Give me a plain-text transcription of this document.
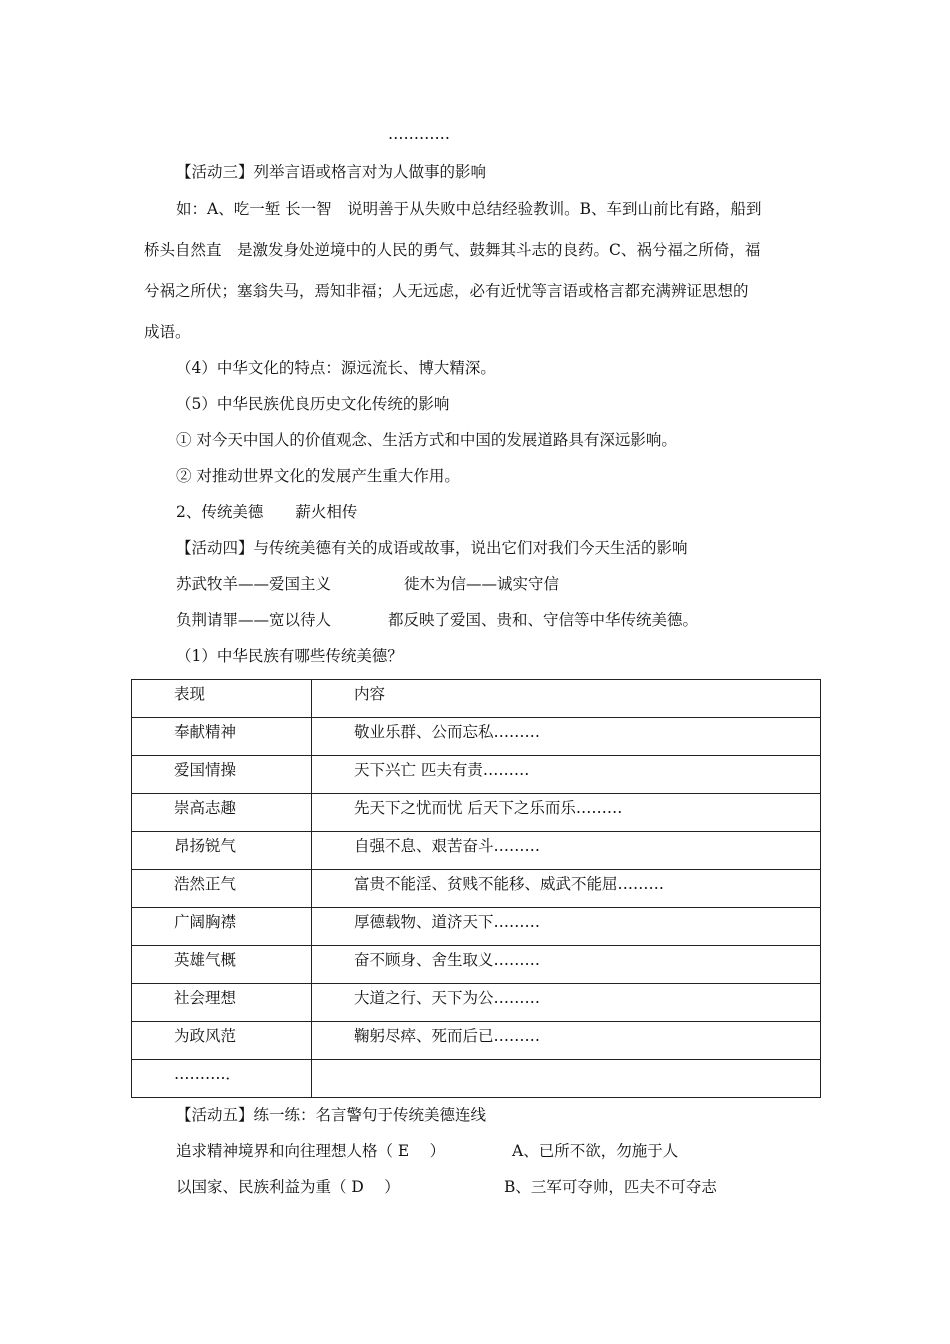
…………
【活动三】列举言语或格言对为人做事的影响
如：A、吃一堑 长一智　说明善于从失败中总结经验教训。B、车到山前比有路，船到
桥头自然直　是激发身处逆境中的人民的勇气、鼓舞其斗志的良药。C、祸兮福之所倚，福
兮祸之所伏；塞翁失马，焉知非福；人无远虑，必有近忧等言语或格言都充满辨证思想的
成语。
（4）中华文化的特点：源远流长、博大精深。
（5）中华民族优良历史文化传统的影响
① 对今天中国人的价值观念、生活方式和中国的发展道路具有深远影响。
② 对推动世界文化的发展产生重大作用。
2、传统美德 薪火相传
【活动四】与传统美德有关的成语或故事，说出它们对我们今天生活的影响
苏武牧羊——爱国主义	徙木为信——诚实守信
负荆请罪——宽以待人	都反映了爱国、贵和、守信等中华传统美德。
（1）中华民族有哪些传统美德？
表现	内容

奉献精神	敬业乐群、公而忘私………

爱国情操	天下兴亡 匹夫有责………

崇高志趣	先天下之忧而忧 后天下之乐而乐………

昂扬锐气	自强不息、艰苦奋斗………

浩然正气	富贵不能淫、贫贱不能移、威武不能屈………

广阔胸襟	厚德载物、道济天下………

英雄气概	奋不顾身、舍生取义………

社会理想	大道之行、天下为公………

为政风范	鞠躬尽瘁、死而后已………

……….．	

【活动五】练一练：名言警句于传统美德连线
追求精神境界和向往理想人格（ E　 ）	A、已所不欲，勿施于人
以国家、民族利益为重（ D　 ）	B、三军可夺帅，匹夫不可夺志
